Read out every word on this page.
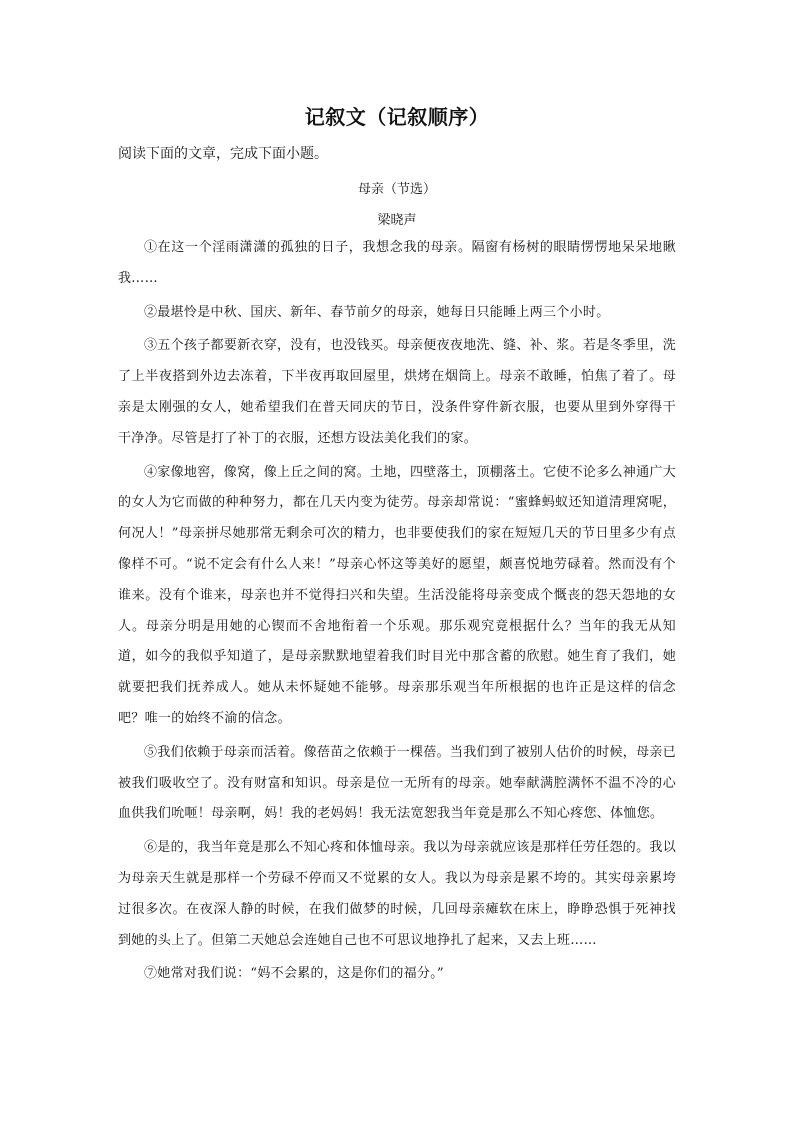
记叙文（记叙顺序）

阅读下面的文章，完成下面小题。

母亲（节选）

梁晓声

①在这一个淫雨潇潇的孤独的日子，我想念我的母亲。隔窗有杨树的眼睛愣愣地呆呆地瞅我……

②最堪怜是中秋、国庆、新年、春节前夕的母亲，她每日只能睡上两三个小时。

③五个孩子都要新衣穿，没有，也没钱买。母亲便夜夜地洗、缝、补、浆。若是冬季里，洗了上半夜搭到外边去冻着，下半夜再取回屋里，烘烤在烟筒上。母亲不敢睡，怕焦了着了。母亲是太刚强的女人，她希望我们在普天同庆的节日，没条件穿件新衣服，也要从里到外穿得干干净净。尽管是打了补丁的衣服，还想方设法美化我们的家。

④家像地窖，像窝，像上丘之间的窝。土地，四壁落土，顶棚落土。它使不论多么神通广大的女人为它而做的种种努力，都在几天内变为徒劳。母亲却常说：“蜜蜂蚂蚁还知道清理窝呢，何况人！”母亲拼尽她那常无剩余可次的精力，也非要使我们的家在短短几天的节日里多少有点像样不可。“说不定会有什么人来！”母亲心怀这等美好的愿望，颇喜悦地劳碌着。然而没有个谁来。没有个谁来，母亲也并不觉得扫兴和失望。生活没能将母亲变成个慨丧的怨天怨地的女人。母亲分明是用她的心锲而不舍地衔着一个乐观。那乐观究竟根据什么？当年的我无从知道，如今的我似乎知道了，是母亲默默地望着我们时目光中那含蓄的欣慰。她生育了我们，她就要把我们抚养成人。她从未怀疑她不能够。母亲那乐观当年所根据的也许正是这样的信念吧？唯一的始终不渝的信念。

⑤我们依赖于母亲而活着。像蓓苗之依赖于一棵蓓。当我们到了被别人估价的时候，母亲已被我们吸收空了。没有财富和知识。母亲是位一无所有的母亲。她奉献满腔满怀不温不冷的心血供我们吮咂！母亲啊，妈！我的老妈妈！我无法宽恕我当年竟是那么不知心疼您、体恤您。

⑥是的，我当年竟是那么不知心疼和体恤母亲。我以为母亲就应该是那样任劳任怨的。我以为母亲天生就是那样一个劳碌不停而又不觉累的女人。我以为母亲是累不垮的。其实母亲累垮过很多次。在夜深人静的时候，在我们做梦的时候，几回母亲瘫软在床上，睁睁恐惧于死神找到她的头上了。但第二天她总会连她自己也不可思议地挣扎了起来，又去上班……

⑦她常对我们说：“妈不会累的，这是你们的福分。”
